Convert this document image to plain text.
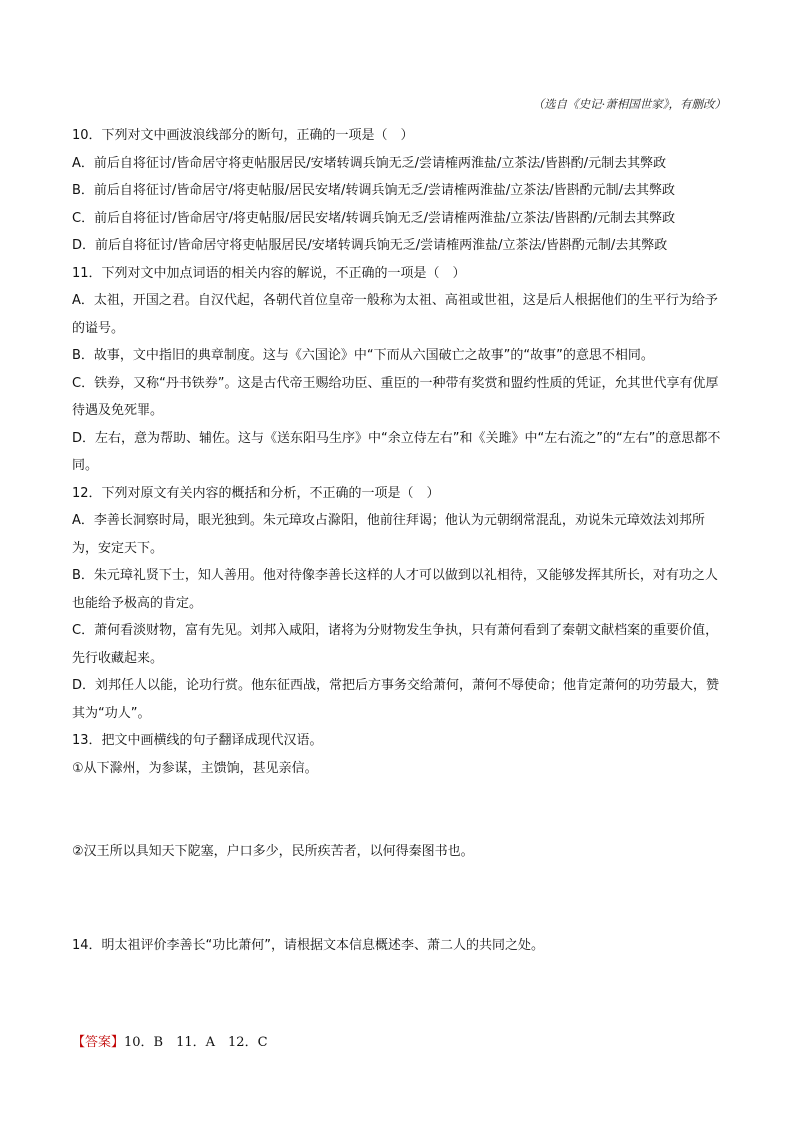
（选自《史记·萧相国世家》，有删改）

10．下列对文中画波浪线部分的断句，正确的一项是（　）

A．前后自将征讨/皆命居守将吏帖服居民/安堵转调兵饷无乏/尝请榷两淮盐/立茶法/皆斟酌/元制去其弊政

B．前后自将征讨/皆命居守/将吏帖服/居民安堵/转调兵饷无乏/尝请榷两淮盐/立茶法/皆斟酌元制/去其弊政

C．前后自将征讨/皆命居守/将吏帖服/居民安堵/转调兵饷无乏/尝请榷两淮盐/立茶法/皆斟酌/元制去其弊政

D．前后自将征讨/皆命居守将吏帖服居民/安堵转调兵饷无乏/尝请榷两淮盐/立茶法/皆斟酌元制/去其弊政

11．下列对文中加点词语的相关内容的解说，不正确的一项是（　）

A．太祖，开国之君。自汉代起，各朝代首位皇帝一般称为太祖、高祖或世祖，这是后人根据他们的生平行为给予的谥号。

B．故事，文中指旧的典章制度。这与《六国论》中“下而从六国破亡之故事”的“故事”的意思不相同。

C．铁券，又称“丹书铁券”。这是古代帝王赐给功臣、重臣的一种带有奖赏和盟约性质的凭证，允其世代享有优厚待遇及免死罪。

D．左右，意为帮助、辅佐。这与《送东阳马生序》中“余立侍左右”和《关雎》中“左右流之”的“左右”的意思都不同。

12．下列对原文有关内容的概括和分析，不正确的一项是（　）

A．李善长洞察时局，眼光独到。朱元璋攻占滁阳，他前往拜谒；他认为元朝纲常混乱，劝说朱元璋效法刘邦所为，安定天下。

B．朱元璋礼贤下士，知人善用。他对待像李善长这样的人才可以做到以礼相待，又能够发挥其所长，对有功之人也能给予极高的肯定。

C．萧何看淡财物，富有先见。刘邦入咸阳，诸将为分财物发生争执，只有萧何看到了秦朝文献档案的重要价值，先行收藏起来。

D．刘邦任人以能，论功行赏。他东征西战，常把后方事务交给萧何，萧何不辱使命；他肯定萧何的功劳最大，赞其为“功人”。

13．把文中画横线的句子翻译成现代汉语。

①从下滁州，为参谋，主馈饷，甚见亲信。

②汉王所以具知天下阸塞，户口多少，民所疾苦者，以何得秦图书也。

14．明太祖评价李善长“功比萧何”，请根据文本信息概述李、萧二人的共同之处。

【答案】10．B　11．A　12．C
